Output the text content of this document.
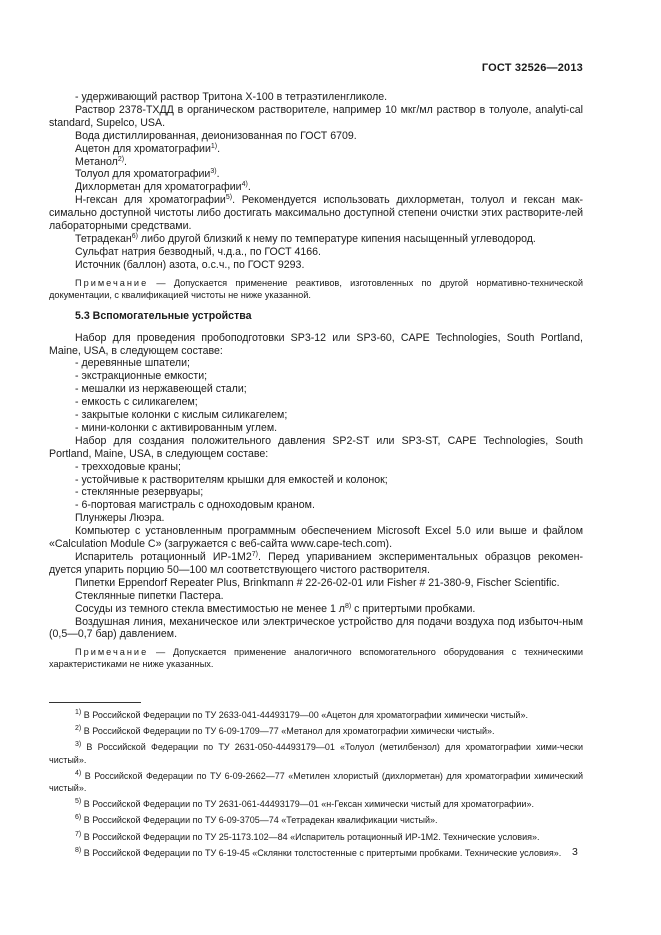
ГОСТ 32526—2013

- удерживающий раствор Тритона Х-100 в тетраэтиленгликоле.

Раствор 2378-ТХДД в органическом растворителе, например 10 мкг/мл раствор в толуоле, analyti-cal standard, Supelco, USA.

Вода дистиллированная, деионизованная по ГОСТ 6709.

Ацетон для хроматографии$^{1)}$.

Метанол$^{2)}$.

Толуол для хроматографии$^{3)}$.

Дихлорметан для хроматографии$^{4)}$.

Н-гексан для хроматографии$^{5)}$. Рекомендуется использовать дихлорметан, толуол и гексан мак-симально доступной чистоты либо достигать максимально доступной степени очистки этих растворите-лей лабораторными средствами.

Тетрадекан$^{6)}$ либо другой близкий к нему по температуре кипения насыщенный углеводород.

Сульфат натрия безводный, ч.д.а., по ГОСТ 4166.

Источник (баллон) азота, о.с.ч., по ГОСТ 9293.

Примечание — Допускается применение реактивов, изготовленных по другой нормативно-технической документации, с квалификацией чистоты не ниже указанной.

5.3 Вспомогательные устройства

Набор для проведения пробоподготовки SP3-12 или SP3-60, CAPE Technologies, South Portland, Maine, USA, в следующем составе:

- деревянные шпатели;

- экстракционные емкости;

- мешалки из нержавеющей стали;

- емкость с силикагелем;

- закрытые колонки с кислым силикагелем;

- мини-колонки с активированным углем.

Набор для создания положительного давления SP2-ST или SP3-ST, CAPE Technologies, South Portland, Maine, USA, в следующем составе:

- трехходовые краны;

- устойчивые к растворителям крышки для емкостей и колонок;

- стеклянные резервуары;

- 6-портовая магистраль с одноходовым краном.

Плунжеры Люэра.

Компьютер с установленным программным обеспечением Microsoft Excel 5.0 или выше и файлом «Calculation Module C» (загружается с веб-сайта www.cape-tech.com).

Испаритель ротационный ИР-1М2$^{7)}$. Перед упариванием экспериментальных образцов рекомен-дуется упарить порцию 50—100 мл соответствующего чистого растворителя.

Пипетки Eppendorf Repeater Plus, Brinkmann # 22-26-02-01 или Fisher # 21-380-9, Fischer Scientific.

Стеклянные пипетки Пастера.

Сосуды из темного стекла вместимостью не менее 1 $л^{8)}$ с притертыми пробками.

Воздушная линия, механическое или электрическое устройство для подачи воздуха под избыточ-ным (0,5—0,7 бар) давлением.

Примечание — Допускается применение аналогичного вспомогательного оборудования с техническими характеристиками не ниже указанных.

$^{1)}$ В Российской Федерации по ТУ 2633-041-44493179—00 «Ацетон для хроматографии химически чистый».

$^{2)}$ В Российской Федерации по ТУ 6-09-1709—77 «Метанол для хроматографии химически чистый».

$^{3)}$ В Российской Федерации по ТУ 2631-050-44493179—01 «Толуол (метилбензол) для хроматографии хими-чески чистый».

$^{4)}$ В Российской Федерации по ТУ 6-09-2662—77 «Метилен хлористый (дихлорметан) для хроматографии химический чистый».

$^{5)}$ В Российской Федерации по ТУ 2631-061-44493179—01 «н-Гексан химически чистый для хроматографии».

$^{6)}$ В Российской Федерации по ТУ 6-09-3705—74 «Тетрадекан квалификации чистый».

$^{7)}$ В Российской Федерации по ТУ 25-1173.102—84 «Испаритель ротационный ИР-1М2. Технические условия».

$^{8)}$ В Российской Федерации по ТУ 6-19-45 «Склянки толстостенные с притертыми пробками. Технические условия».	3
